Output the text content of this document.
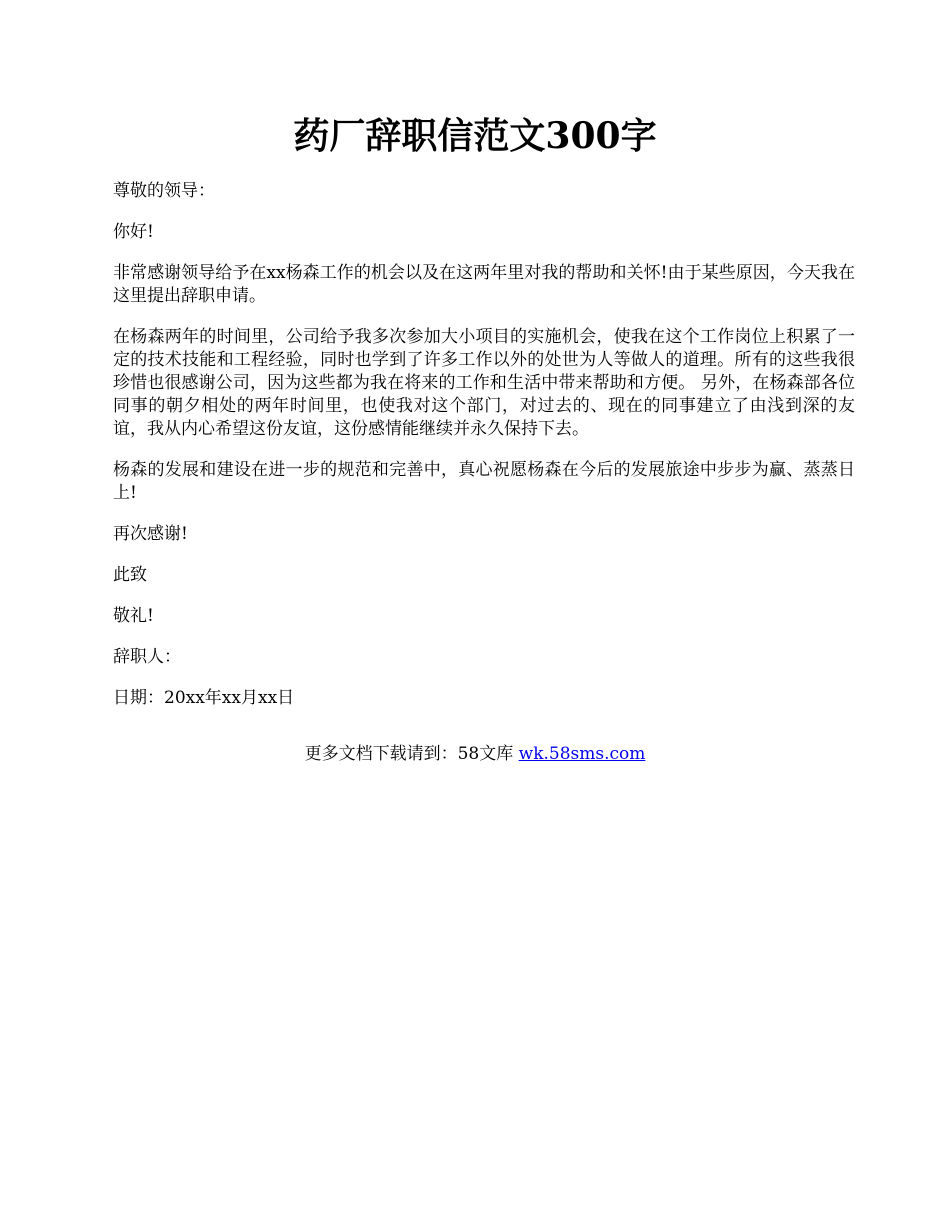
药厂辞职信范文300字

尊敬的领导：

你好!

非常感谢领导给予在xx杨森工作的机会以及在这两年里对我的帮助和关怀!由于某些原因，今天我在这里提出辞职申请。

在杨森两年的时间里，公司给予我多次参加大小项目的实施机会，使我在这个工作岗位上积累了一定的技术技能和工程经验，同时也学到了许多工作以外的处世为人等做人的道理。所有的这些我很珍惜也很感谢公司，因为这些都为我在将来的工作和生活中带来帮助和方便。 另外，在杨森部各位同事的朝夕相处的两年时间里，也使我对这个部门，对过去的、现在的同事建立了由浅到深的友谊，我从内心希望这份友谊，这份感情能继续并永久保持下去。

杨森的发展和建设在进一步的规范和完善中，真心祝愿杨森在今后的发展旅途中步步为赢、蒸蒸日上!

再次感谢!

此致

敬礼!

辞职人：

日期：20xx年xx月xx日

更多文档下载请到：58文库 wk.58sms.com
